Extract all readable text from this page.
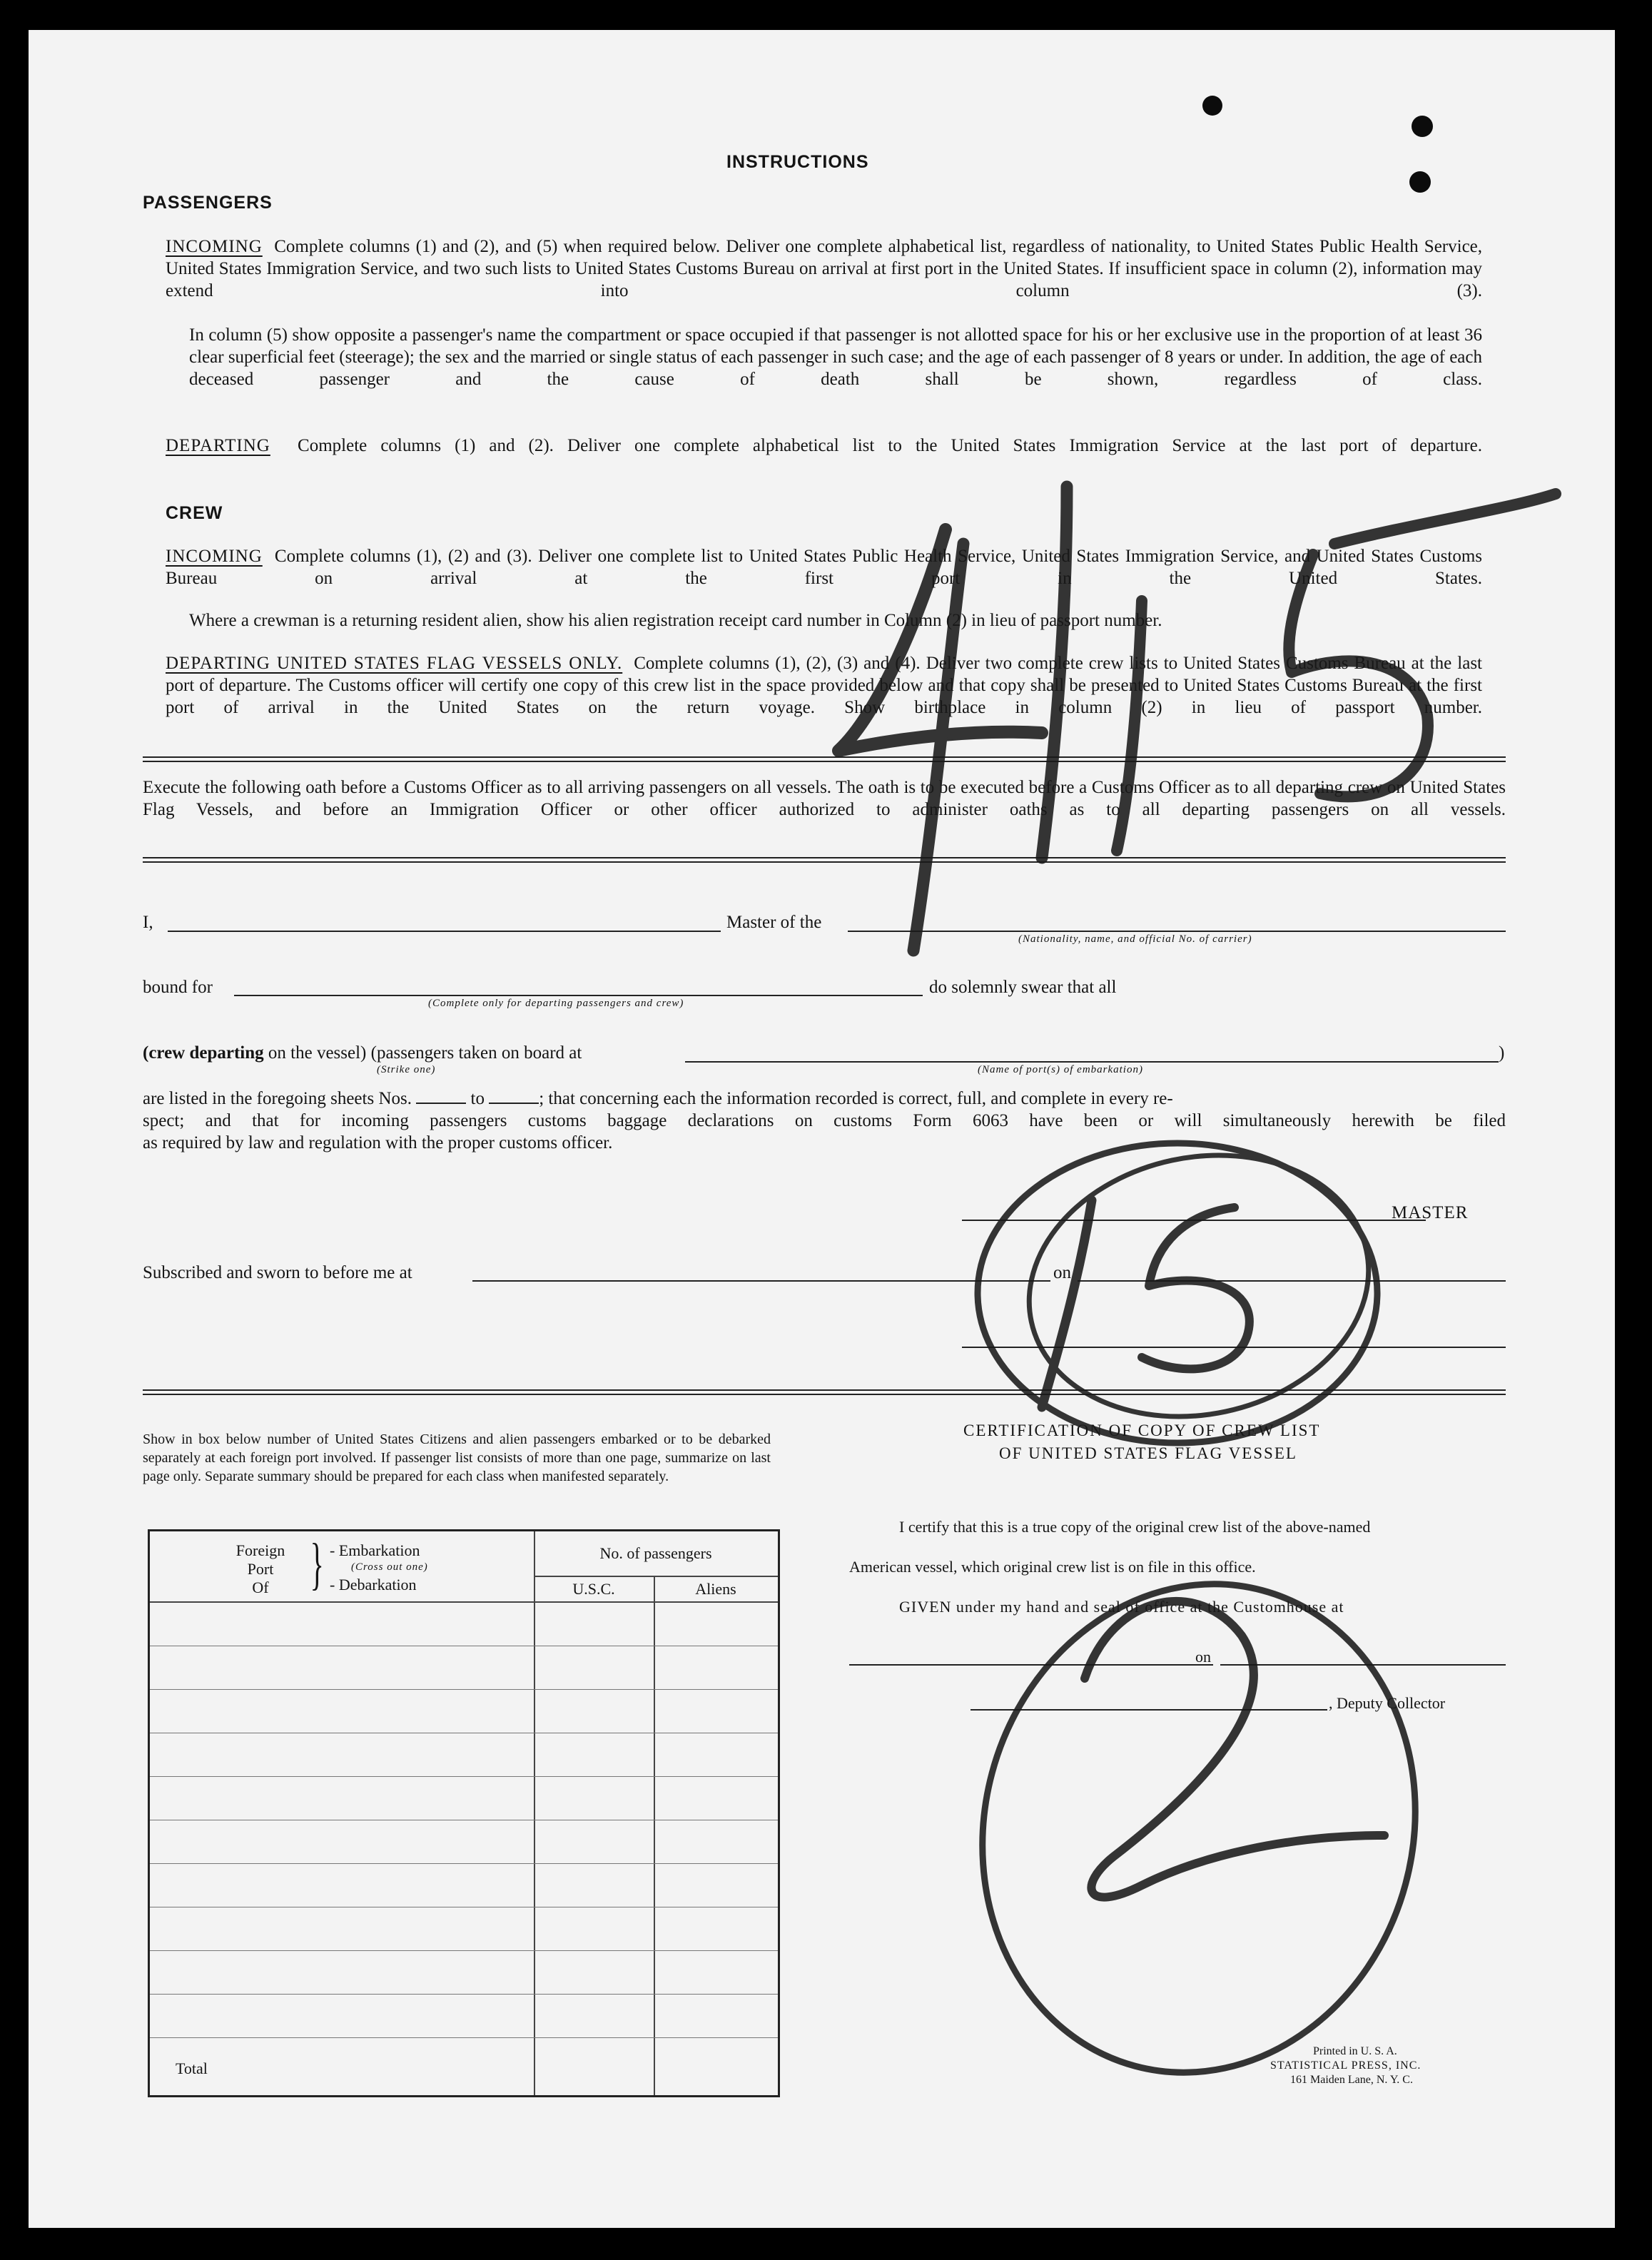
INSTRUCTIONS
PASSENGERS
INCOMING Complete columns (1) and (2), and (5) when required below. Deliver one complete alphabetical list, regardless of nationality, to United States Public Health Service, United States Immigration Service, and two such lists to United States Customs Bureau on arrival at first port in the United States. If insufficient space in column (2), information may extend into column (3).
In column (5) show opposite a passenger's name the compartment or space occupied if that passenger is not allotted space for his or her exclusive use in the proportion of at least 36 clear superficial feet (steerage); the sex and the married or single status of each passenger in such case; and the age of each passenger of 8 years or under. In addition, the age of each deceased passenger and the cause of death shall be shown, regardless of class.
DEPARTING Complete columns (1) and (2). Deliver one complete alphabetical list to the United States Immigration Service at the last port of departure.
CREW
INCOMING Complete columns (1), (2) and (3). Deliver one complete list to United States Public Health Service, United States Immigration Service, and United States Customs Bureau on arrival at the first port in the United States.
Where a crewman is a returning resident alien, show his alien registration receipt card number in Column (2) in lieu of passport number.
DEPARTING UNITED STATES FLAG VESSELS ONLY. Complete columns (1), (2), (3) and (4). Deliver two complete crew lists to United States Customs Bureau at the last port of departure. The Customs officer will certify one copy of this crew list in the space provided below and that copy shall be presented to United States Customs Bureau at the first port of arrival in the United States on the return voyage. Show birthplace in column (2) in lieu of passport number.
Execute the following oath before a Customs Officer as to all arriving passengers on all vessels. The oath is to be executed before a Customs Officer as to all departing crew on United States Flag Vessels, and before an Immigration Officer or other officer authorized to administer oaths as to all departing passengers on all vessels.
I,	Master of the
(Nationality, name, and official No. of carrier)
bound for
(Complete only for departing passengers and crew)
do solemnly swear that all
(crew departing on the vessel) (passengers taken on board at	)
(Strike one)	(Name of port(s) of embarkation)
are listed in the foregoing sheets Nos.	to	; that concerning each the information recorded is correct, full, and complete in every re-
spect; and that for incoming passengers customs baggage declarations on customs Form 6063 have been or will simultaneously herewith be filed
as required by law and regulation with the proper customs officer.
MASTER
Subscribed and sworn to before me at	on
Show in box below number of United States Citizens and alien passengers embarked or to be debarked separately at each foreign port involved. If passenger list consists of more than one page, summarize on last page only. Separate summary should be prepared for each class when manifested separately.
Foreign
Port
Of } - Embarkation
(Cross out one)
- Debarkation
No. of passengers
U.S.C.	Aliens
Total
CERTIFICATION OF COPY OF CREW LIST
OF UNITED STATES FLAG VESSEL
I certify that this is a true copy of the original crew list of the above-named
American vessel, which original crew list is on file in this office.
GIVEN under my hand and seal of office at the Customhouse at
on
, Deputy Collector
Printed in U. S. A.
STATISTICAL PRESS, INC.
161 Maiden Lane, N. Y. C.
